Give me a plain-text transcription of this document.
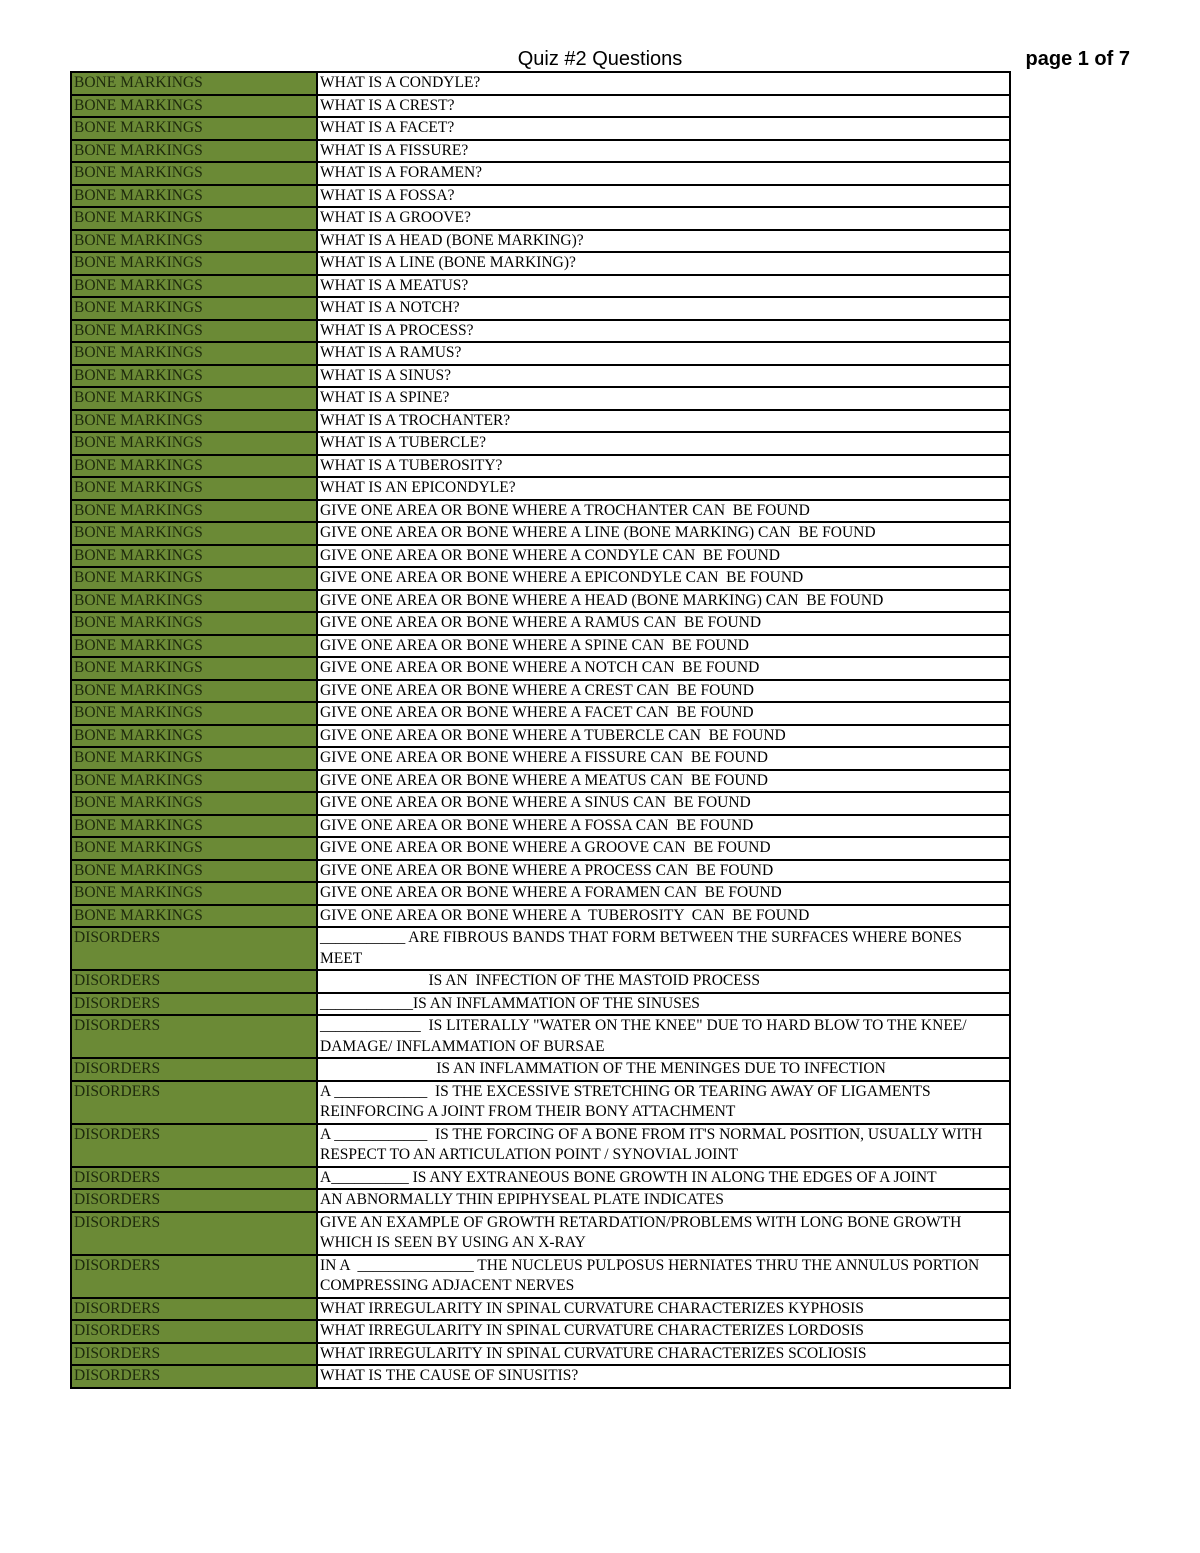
Quiz #2 Questions	page 1 of 7
BONE MARKINGS	WHAT IS A CONDYLE?
BONE MARKINGS	WHAT IS A CREST?
BONE MARKINGS	WHAT IS A FACET?
BONE MARKINGS	WHAT IS A FISSURE?
BONE MARKINGS	WHAT IS A FORAMEN?
BONE MARKINGS	WHAT IS A FOSSA?
BONE MARKINGS	WHAT IS A GROOVE?
BONE MARKINGS	WHAT IS A HEAD (BONE MARKING)?
BONE MARKINGS	WHAT IS A LINE (BONE MARKING)?
BONE MARKINGS	WHAT IS A MEATUS?
BONE MARKINGS	WHAT IS A NOTCH?
BONE MARKINGS	WHAT IS A PROCESS?
BONE MARKINGS	WHAT IS A RAMUS?
BONE MARKINGS	WHAT IS A SINUS?
BONE MARKINGS	WHAT IS A SPINE?
BONE MARKINGS	WHAT IS A TROCHANTER?
BONE MARKINGS	WHAT IS A TUBERCLE?
BONE MARKINGS	WHAT IS A TUBEROSITY?
BONE MARKINGS	WHAT IS AN EPICONDYLE?
BONE MARKINGS	GIVE ONE AREA OR BONE WHERE A TROCHANTER CAN  BE FOUND
BONE MARKINGS	GIVE ONE AREA OR BONE WHERE A LINE (BONE MARKING) CAN  BE FOUND
BONE MARKINGS	GIVE ONE AREA OR BONE WHERE A CONDYLE CAN  BE FOUND
BONE MARKINGS	GIVE ONE AREA OR BONE WHERE A EPICONDYLE CAN  BE FOUND
BONE MARKINGS	GIVE ONE AREA OR BONE WHERE A HEAD (BONE MARKING) CAN  BE FOUND
BONE MARKINGS	GIVE ONE AREA OR BONE WHERE A RAMUS CAN  BE FOUND
BONE MARKINGS	GIVE ONE AREA OR BONE WHERE A SPINE CAN  BE FOUND
BONE MARKINGS	GIVE ONE AREA OR BONE WHERE A NOTCH CAN  BE FOUND
BONE MARKINGS	GIVE ONE AREA OR BONE WHERE A CREST CAN  BE FOUND
BONE MARKINGS	GIVE ONE AREA OR BONE WHERE A FACET CAN  BE FOUND
BONE MARKINGS	GIVE ONE AREA OR BONE WHERE A TUBERCLE CAN  BE FOUND
BONE MARKINGS	GIVE ONE AREA OR BONE WHERE A FISSURE CAN  BE FOUND
BONE MARKINGS	GIVE ONE AREA OR BONE WHERE A MEATUS CAN  BE FOUND
BONE MARKINGS	GIVE ONE AREA OR BONE WHERE A SINUS CAN  BE FOUND
BONE MARKINGS	GIVE ONE AREA OR BONE WHERE A FOSSA CAN  BE FOUND
BONE MARKINGS	GIVE ONE AREA OR BONE WHERE A GROOVE CAN  BE FOUND
BONE MARKINGS	GIVE ONE AREA OR BONE WHERE A PROCESS CAN  BE FOUND
BONE MARKINGS	GIVE ONE AREA OR BONE WHERE A FORAMEN CAN  BE FOUND
BONE MARKINGS	GIVE ONE AREA OR BONE WHERE A  TUBEROSITY  CAN  BE FOUND
DISORDERS	___________ ARE FIBROUS BANDS THAT FORM BETWEEN THE SURFACES WHERE BONES MEET
DISORDERS	IS AN  INFECTION OF THE MASTOID PROCESS
DISORDERS	____________IS AN INFLAMMATION OF THE SINUSES
DISORDERS	_____________  IS LITERALLY "WATER ON THE KNEE" DUE TO HARD BLOW TO THE KNEE/ DAMAGE/ INFLAMMATION OF BURSAE
DISORDERS	IS AN INFLAMMATION OF THE MENINGES DUE TO INFECTION
DISORDERS	A ____________  IS THE EXCESSIVE STRETCHING OR TEARING AWAY OF LIGAMENTS REINFORCING A JOINT FROM THEIR BONY ATTACHMENT
DISORDERS	A ____________  IS THE FORCING OF A BONE FROM IT'S NORMAL POSITION, USUALLY WITH RESPECT TO AN ARTICULATION POINT / SYNOVIAL JOINT
DISORDERS	A__________ IS ANY EXTRANEOUS BONE GROWTH IN ALONG THE EDGES OF A JOINT
DISORDERS	AN ABNORMALLY THIN EPIPHYSEAL PLATE INDICATES
DISORDERS	GIVE AN EXAMPLE OF GROWTH RETARDATION/PROBLEMS WITH LONG BONE GROWTH WHICH IS SEEN BY USING AN X-RAY
DISORDERS	IN A  _______________ THE NUCLEUS PULPOSUS HERNIATES THRU THE ANNULUS PORTION COMPRESSING ADJACENT NERVES
DISORDERS	WHAT IRREGULARITY IN SPINAL CURVATURE CHARACTERIZES KYPHOSIS
DISORDERS	WHAT IRREGULARITY IN SPINAL CURVATURE CHARACTERIZES LORDOSIS
DISORDERS	WHAT IRREGULARITY IN SPINAL CURVATURE CHARACTERIZES SCOLIOSIS
DISORDERS	WHAT IS THE CAUSE OF SINUSITIS?
